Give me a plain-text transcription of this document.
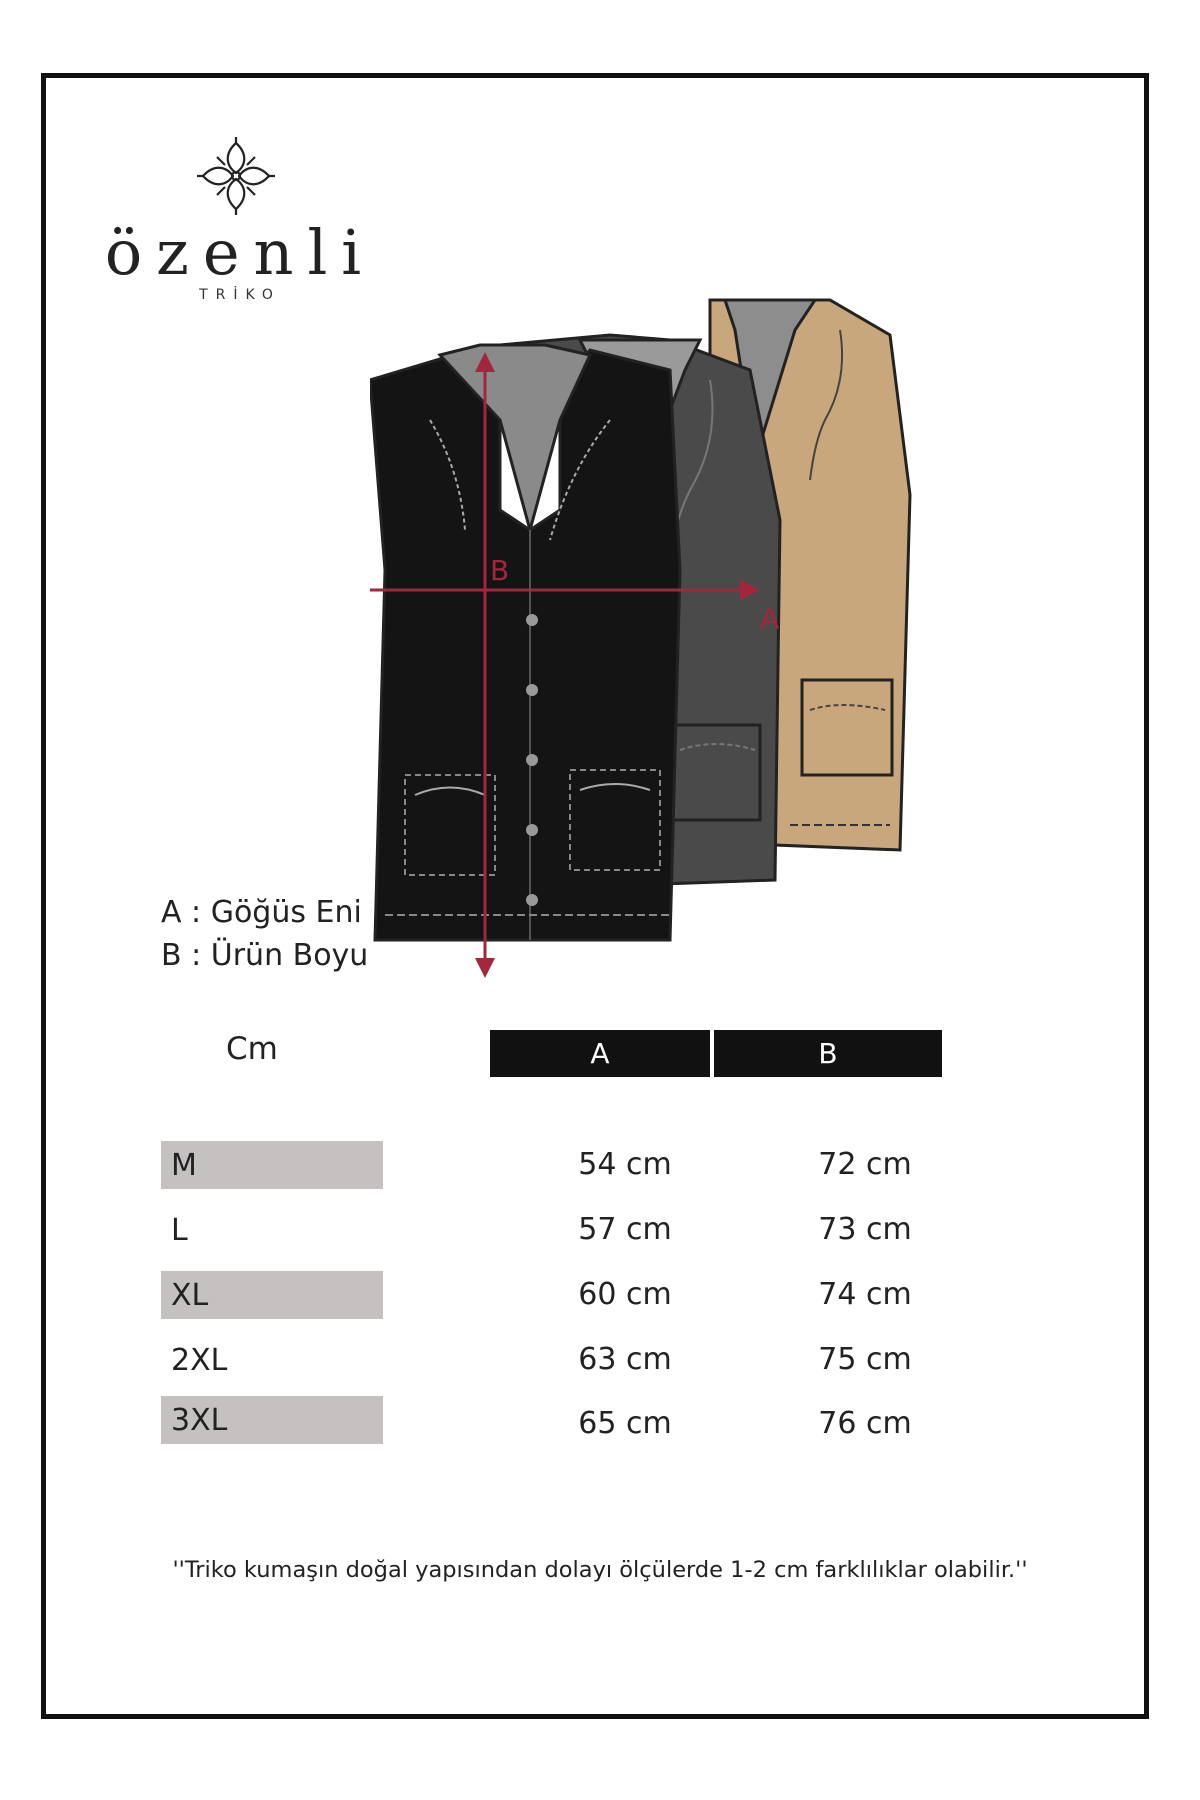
özenli
TRİKO
B
A
A : Göğüs Eni
B : Ürün Boyu
Cm	A	B
M	54 cm	72 cm
L	57 cm	73 cm
XL	60 cm	74 cm
2XL	63 cm	75 cm
3XL	65 cm	76 cm
''Triko kumaşın doğal yapısından dolayı ölçülerde 1-2 cm farklılıklar olabilir.''
